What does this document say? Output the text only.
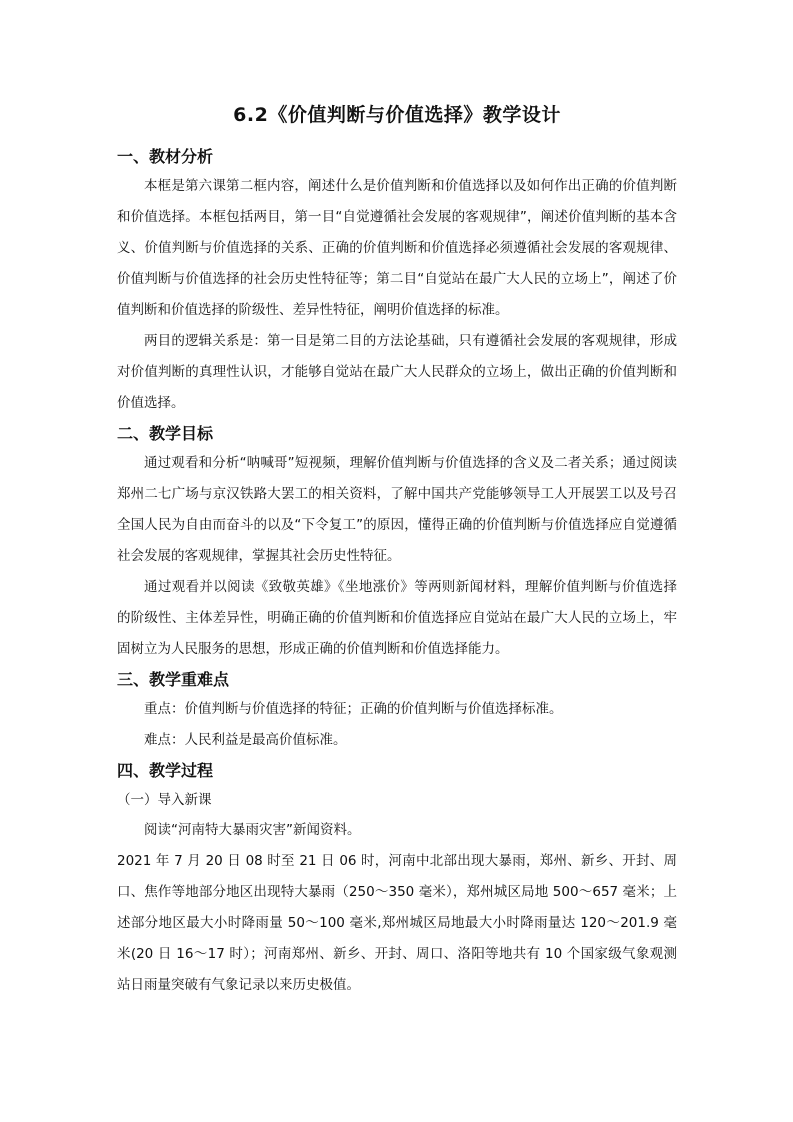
6.2《价值判断与价值选择》教学设计
一、教材分析

本框是第六课第二框内容，阐述什么是价值判断和价值选择以及如何作出正确的价值判断和价值选择。本框包括两目，第一目“自觉遵循社会发展的客观规律”，阐述价值判断的基本含义、价值判断与价值选择的关系、正确的价值判断和价值选择必须遵循社会发展的客观规律、价值判断与价值选择的社会历史性特征等；第二目“自觉站在最广大人民的立场上”，阐述了价值判断和价值选择的阶级性、差异性特征，阐明价值选择的标准。

两目的逻辑关系是：第一目是第二目的方法论基础，只有遵循社会发展的客观规律，形成对价值判断的真理性认识，才能够自觉站在最广大人民群众的立场上，做出正确的价值判断和价值选择。

二、教学目标

通过观看和分析“呐喊哥”短视频，理解价值判断与价值选择的含义及二者关系；通过阅读郑州二七广场与京汉铁路大罢工的相关资料，了解中国共产党能够领导工人开展罢工以及号召全国人民为自由而奋斗的以及“下令复工”的原因，懂得正确的价值判断与价值选择应自觉遵循社会发展的客观规律，掌握其社会历史性特征。

通过观看并以阅读《致敬英雄》《坐地涨价》等两则新闻材料，理解价值判断与价值选择的阶级性、主体差异性，明确正确的价值判断和价值选择应自觉站在最广大人民的立场上，牢固树立为人民服务的思想，形成正确的价值判断和价值选择能力。

三、教学重难点

重点：价值判断与价值选择的特征；正确的价值判断与价值选择标准。

难点：人民利益是最高价值标准。

四、教学过程

（一）导入新课

阅读“河南特大暴雨灾害”新闻资料。

2021 年 7 月 20 日 08 时至 21 日 06 时，河南中北部出现大暴雨，郑州、新乡、开封、周口、焦作等地部分地区出现特大暴雨（250～350 毫米），郑州城区局地 500～657 毫米；上述部分地区最大小时降雨量 50～100 毫米,郑州城区局地最大小时降雨量达 120～201.9 毫米(20 日 16～17 时）；河南郑州、新乡、开封、周口、洛阳等地共有 10 个国家级气象观测站日雨量突破有气象记录以来历史极值。
